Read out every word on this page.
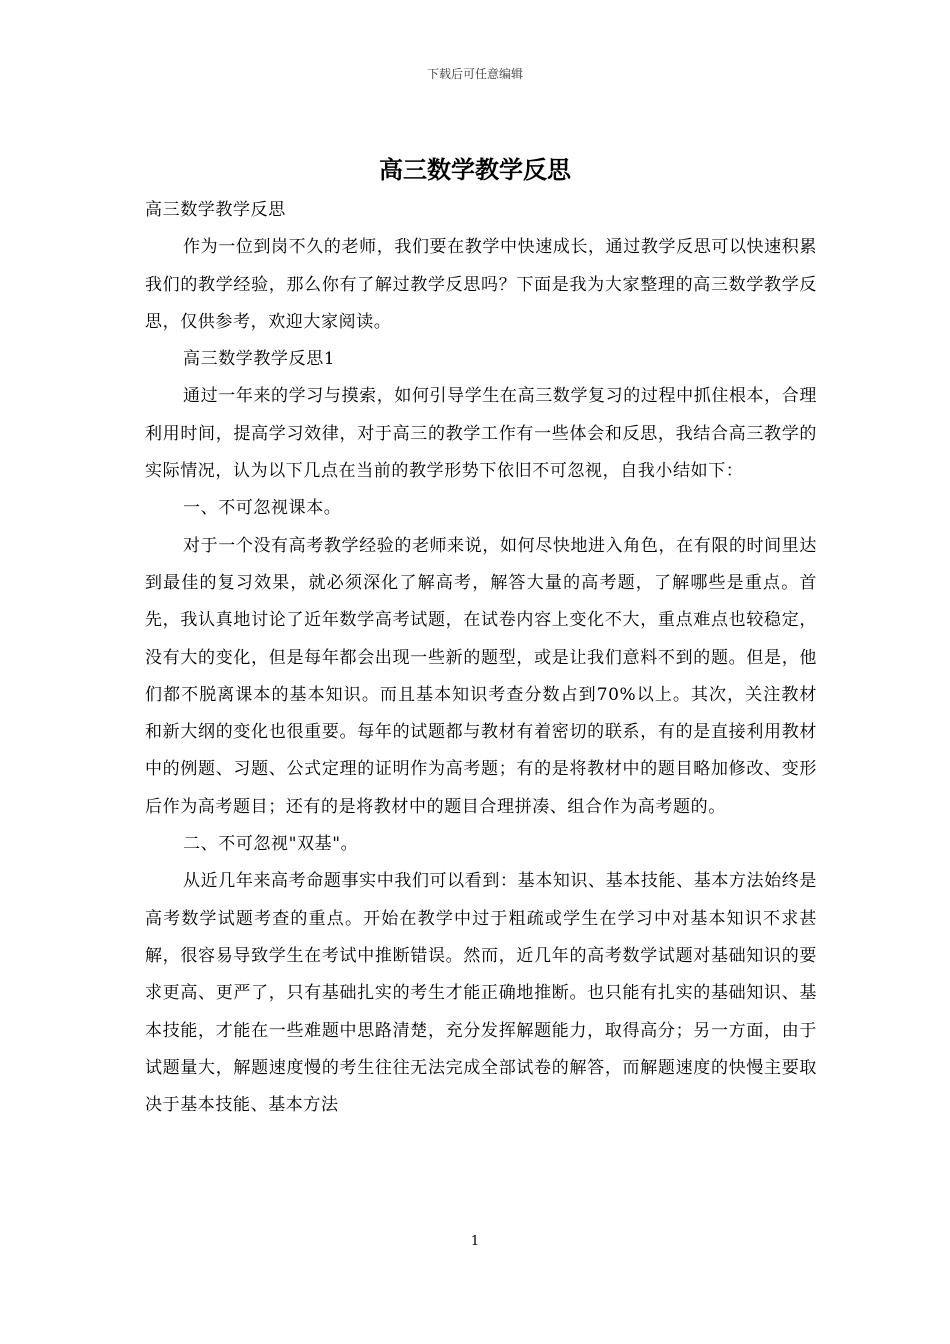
下载后可任意编辑
高三数学教学反思

高三数学教学反思

作为一位到岗不久的老师，我们要在教学中快速成长，通过教学反思可以快速积累我们的教学经验，那么你有了解过教学反思吗？下面是我为大家整理的高三数学教学反思，仅供参考，欢迎大家阅读。

高三数学教学反思1

通过一年来的学习与摸索，如何引导学生在高三数学复习的过程中抓住根本，合理利用时间，提高学习效律，对于高三的教学工作有一些体会和反思，我结合高三教学的实际情况，认为以下几点在当前的教学形势下依旧不可忽视，自我小结如下：

一、不可忽视课本。

对于一个没有高考教学经验的老师来说，如何尽快地进入角色，在有限的时间里达到最佳的复习效果，就必须深化了解高考，解答大量的高考题，了解哪些是重点。首先，我认真地讨论了近年数学高考试题，在试卷内容上变化不大，重点难点也较稳定，没有大的变化，但是每年都会出现一些新的题型，或是让我们意料不到的题。但是，他们都不脱离课本的基本知识。而且基本知识考查分数占到70%以上。其次，关注教材和新大纲的变化也很重要。每年的试题都与教材有着密切的联系，有的是直接利用教材中的例题、习题、公式定理的证明作为高考题；有的是将教材中的题目略加修改、变形后作为高考题目；还有的是将教材中的题目合理拼凑、组合作为高考题的。

二、不可忽视"双基"。

从近几年来高考命题事实中我们可以看到：基本知识、基本技能、基本方法始终是高考数学试题考查的重点。开始在教学中过于粗疏或学生在学习中对基本知识不求甚解，很容易导致学生在考试中推断错误。然而，近几年的高考数学试题对基础知识的要求更高、更严了，只有基础扎实的考生才能正确地推断。也只能有扎实的基础知识、基本技能，才能在一些难题中思路清楚，充分发挥解题能力，取得高分；另一方面，由于试题量大，解题速度慢的考生往往无法完成全部试卷的解答，而解题速度的快慢主要取决于基本技能、基本方法

1
